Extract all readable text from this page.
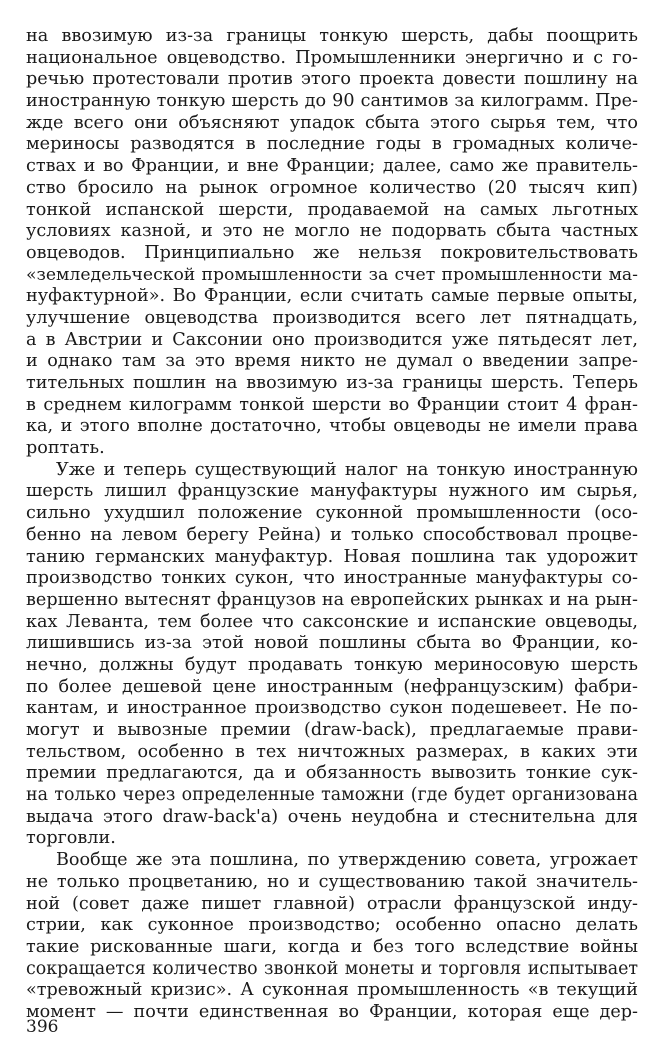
на ввозимую из-за границы тонкую шерсть, дабы поощрить
национальное овцеводство. Промышленники энергично и с го-
речью протестовали против этого проекта довести пошлину на
иностранную тонкую шерсть до 90 сантимов за килограмм. Пре-
жде всего они объясняют упадок сбыта этого сырья тем, что
мериносы разводятся в последние годы в громадных количе-
ствах и во Франции, и вне Франции; далее, само же правитель-
ство бросило на рынок огромное количество (20 тысяч кип)
тонкой испанской шерсти, продаваемой на самых льготных
условиях казной, и это не могло не подорвать сбыта частных
овцеводов. Принципиально же нельзя покровительствовать
«земледельческой промышленности за счет промышленности ма-
нуфактурной». Во Франции, если считать самые первые опыты,
улучшение овцеводства производится всего лет пятнадцать,
а в Австрии и Саксонии оно производится уже пятьдесят лет,
и однако там за это время никто не думал о введении запре-
тительных пошлин на ввозимую из-за границы шерсть. Теперь
в среднем килограмм тонкой шерсти во Франции стоит 4 фран-
ка, и этого вполне достаточно, чтобы овцеводы не имели права
роптать.
Уже и теперь существующий налог на тонкую иностранную
шерсть лишил французские мануфактуры нужного им сырья,
сильно ухудшил положение суконной промышленности (осо-
бенно на левом берегу Рейна) и только способствовал процве-
танию германских мануфактур. Новая пошлина так удорожит
производство тонких сукон, что иностранные мануфактуры со-
вершенно вытеснят французов на европейских рынках и на рын-
ках Леванта, тем более что саксонские и испанские овцеводы,
лишившись из-за этой новой пошлины сбыта во Франции, ко-
нечно, должны будут продавать тонкую мериносовую шерсть
по более дешевой цене иностранным (нефранцузским) фабри-
кантам, и иностранное производство сукон подешевеет. Не по-
могут и вывозные премии (draw-back), предлагаемые прави-
тельством, особенно в тех ничтожных размерах, в каких эти
премии предлагаются, да и обязанность вывозить тонкие сук-
на только через определенные таможни (где будет организована
выдача этого draw-back'a) очень неудобна и стеснительна для
торговли.
Вообще же эта пошлина, по утверждению совета, угрожает
не только процветанию, но и существованию такой значитель-
ной (совет даже пишет главной) отрасли французской инду-
стрии, как суконное производство; особенно опасно делать
такие рискованные шаги, когда и без того вследствие войны
сокращается количество звонкой монеты и торговля испытывает
«тревожный кризис». А суконная промышленность «в текущий
момент — почти единственная во Франции, которая еще дер-
396
